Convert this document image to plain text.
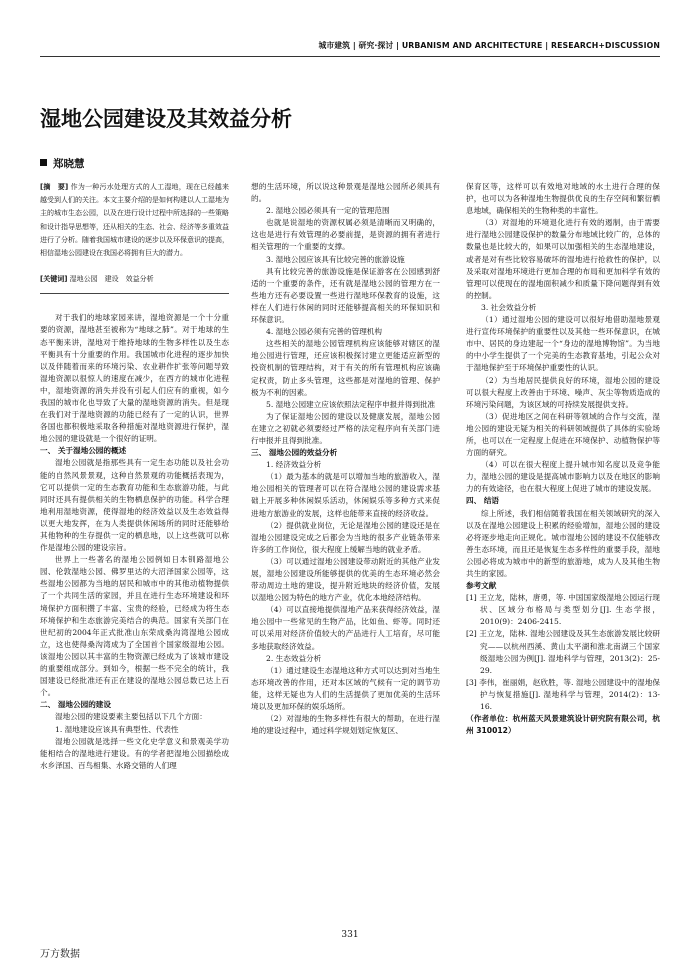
城市建筑 | 研究·探讨 | URBANISM AND ARCHITECTURE | RESEARCH+DISCUSSION
湿地公园建设及其效益分析
郑晓慧
[摘　要] 作为一种污水处理方式的人工湿地，现在已经越来越受到人们的关注。本文主要介绍的是如何构建以人工湿地为主的城市生态公园，以及在进行设计过程中所选择的一些策略和设计指导思想等，还从相关的生态、社会、经济等多重效益进行了分析。随着我国城市建设的逐步以及环保意识的提高，相信湿地公园建设在我国必将拥有巨大的潜力。
[关键词] 湿地公园　建设　效益分析

对于我们的地球家园来讲，湿地资源是一个十分重要的资源，湿地甚至被称为“地球之肺”。对于地球的生态平衡来讲，湿地对于维持地球的生物多样性以及生态平衡具有十分重要的作用。我国城市化进程的逐步加快以及伴随着而来的环境污染、农业耕作扩张等问题导致湿地资源以很惊人的速度在减少，在西方的城市化进程中，湿地资源的消失并没有引起人们应有的重视，如今我国的城市化也导致了大量的湿地资源的消失。但是现在我们对于湿地资源的功能已经有了一定的认识，世界各国也都积极地采取各种措施对湿地资源进行保护，湿地公园的建设就是一个很好的证明。

一、 关于湿地公园的概述

湿地公园就是指那些具有一定生态功能以及社会功能的自然风景景观，这种自然景观的功能概括表现为，它可以提供一定的生态教育功能和生态旅游功能，与此同时还具有提供相关的生物栖息保护的功能。科学合理地利用湿地资源，使得湿地的经济效益以及生态效益得以更大地发挥，在为人类提供休闲场所的同时还能够给其他物种的生存提供一定的栖息地，以上这些就可以称作是湿地公园的建设宗旨。

世界上一些著名的湿地公园例如日本钏路湿地公园、伦敦湿地公园、佛罗里达的大沼泽国家公园等，这些湿地公园都为当地的居民和城市中的其他动植物提供了一个共同生活的家园，并且在进行生态环境建设和环境保护方面积攒了丰富、宝贵的经验，已经成为将生态环境保护和生态旅游完美结合的典范。国家有关部门在世纪初的2004年正式批准山东荣成桑沟湾湿地公园成立，这也使得桑沟湾成为了全国首个国家级湿地公园。该湿地公园以其丰富的生物资源已经成为了该城市建设的重要组成部分。到如今，根据一些不完全的统计，我国建设已经批准还有正在建设的湿地公园总数已达上百个。

二、 湿地公园的建设

湿地公园的建设要素主要包括以下几个方面：

1. 湿地建设应该具有典型性、代表性

湿地公园就是选择一些文化史学意义和景观美学功能相结合的湿地进行建设。有的学者把湿地公园描绘成水乡泽国、百鸟相集、水路交错的人们理

想的生活环境，所以说这种景观是湿地公园所必须具有的。

2. 湿地公园必须具有一定的管理范围

也就是说湿地的资源权属必须是清晰而又明确的，这也是进行有效管理的必要前提，是资源的拥有者进行相关管理的一个重要的支撑。

3. 湿地公园应该具有比较完善的旅游设施

具有比较完善的旅游设施是保证游客在公园感到舒适的一个重要的条件，还有就是湿地公园的管理方在一些地方还有必要设置一些进行湿地环保教育的设施，这样在人们进行休闲的同时还能够提高相关的环保知识和环保意识。

4. 湿地公园必须有完善的管理机构

这些相关的湿地公园管理机构应该能够对辖区的湿地公园进行管理，还应该积极探讨建立更能适应新型的投资机制的管理结构，对于有关的所有管理机构应该确定权责，防止多头管理，这些都是对湿地的管理、保护极为不利的因素。

5. 湿地公园建立应该依照法定程序申报并得到批准

为了保证湿地公园的建设以及健康发展，湿地公园在建立之初就必须要经过严格的法定程序向有关部门进行申报并且得到批准。

三、 湿地公园的效益分析

1. 经济效益分析

（1）最为基本的就是可以增加当地的旅游收入，湿地公园相关的管理者可以在符合湿地公园的建设需求基础上开展多种休闲娱乐活动，休闲娱乐等多种方式来促进地方旅游业的发展，这样也能带来直接的经济收益。

（2）提供就业岗位，无论是湿地公园的建设还是在湿地公园建设完成之后都会为当地的很多产业链条带来许多的工作岗位，很大程度上缓解当地的就业矛盾。

（3）可以通过湿地公园建设带动附近的其他产业发展，湿地公园建设所能够提供的优美的生态环境必然会带动周边土地的建设，提升附近地块的经济价值，发展以湿地公园为特色的地方产业，优化本地经济结构。

（4）可以直接地提供湿地产品来获得经济效益，湿地公园中一些常见的生物产品，比如鱼、虾等。同时还可以采用对经济价值较大的产品进行人工培育，尽可能多地获取经济效益。

2. 生态效益分析

（1）通过建设生态湿地这种方式可以达到对当地生态环境改善的作用，还对本区域的气候有一定的调节功能，这样无疑也为人们的生活提供了更加优美的生活环境以及更加环保的娱乐场所。

（2）对湿地的生物多样性有很大的帮助，在进行湿地的建设过程中，通过科学规划划定恢复区、

保育区等，这样可以有效地对地域的水土进行合理的保护，也可以为各种湿地生物提供优良的生存空间和繁衍栖息地域，确保相关的生物种类的丰富性。

（3）对湿地的环境退化进行有效的遏制，由于需要进行湿地公园建设保护的数量分布地域比较广的，总体的数量也是比较大的，如果可以加强相关的生态湿地建设，或者是对有些比较容易破坏的湿地进行抢救性的保护，以及采取对湿地环境进行更加合理的布局和更加科学有效的管理可以使现在的湿地面积减少和质量下降问题得到有效的控制。

3. 社会效益分析

（1）通过湿地公园的建设可以很好地借助湿地景观进行宣传环境保护的重要性以及其他一些环保意识，在城市中、居民的身边建起一个“身边的湿地博物馆”。为当地的中小学生提供了一个完美的生态教育基地，引起公众对于湿地保护至于环境保护重要性的认识。

（2）为当地居民提供良好的环境，湿地公园的建设可以很大程度上改善由于环境、噪声、灰尘等物质造成的环境污染问题，为该区域的可持续发展提供支持。

（3）促进地区之间在科研等领域的合作与交流，湿地公园的建设无疑为相关的科研领域提供了具体的实验场所，也可以在一定程度上促进在环境保护、动植物保护等方面的研究。

（4）可以在很大程度上提升城市知名度以及竞争能力，湿地公园的建设是提高城市影响力以及在地区的影响力的有效途径，也在很大程度上促进了城市的建设发展。

四、 结语

综上所述，我们相信随着我国在相关领域研究的深入以及在湿地公园建设上积累的经验增加，湿地公园的建设必将逐步地走向正规化。城市湿地公园的建设不仅能够改善生态环境，而且还是恢复生态多样性的重要手段，湿地公园必将成为城市中的新型的旅游地，成为人及其他生物共生的家园。

参考文献

[1] 王立龙，陆林，唐勇，等. 中国国家级湿地公园运行现状、区域分布格局与类型划分[J]. 生态学报，2010(9)：2406-2415.

[2] 王立龙，陆林. 湿地公园建设及其生态旅游发展比较研究——以杭州西溪、黄山太平湖和淮北南湖三个国家级湿地公园为例[J]. 湿地科学与管理，2013(2)：25-29.

[3] 李伟，崔丽娟，赵欣胜，等. 湿地公园建设中的湿地保护与恢复措施[J]. 湿地科学与管理，2014(2)：13-16.

（作者单位：杭州蓝天风景建筑设计研究院有限公司，杭州 310012）

331
万方数据
